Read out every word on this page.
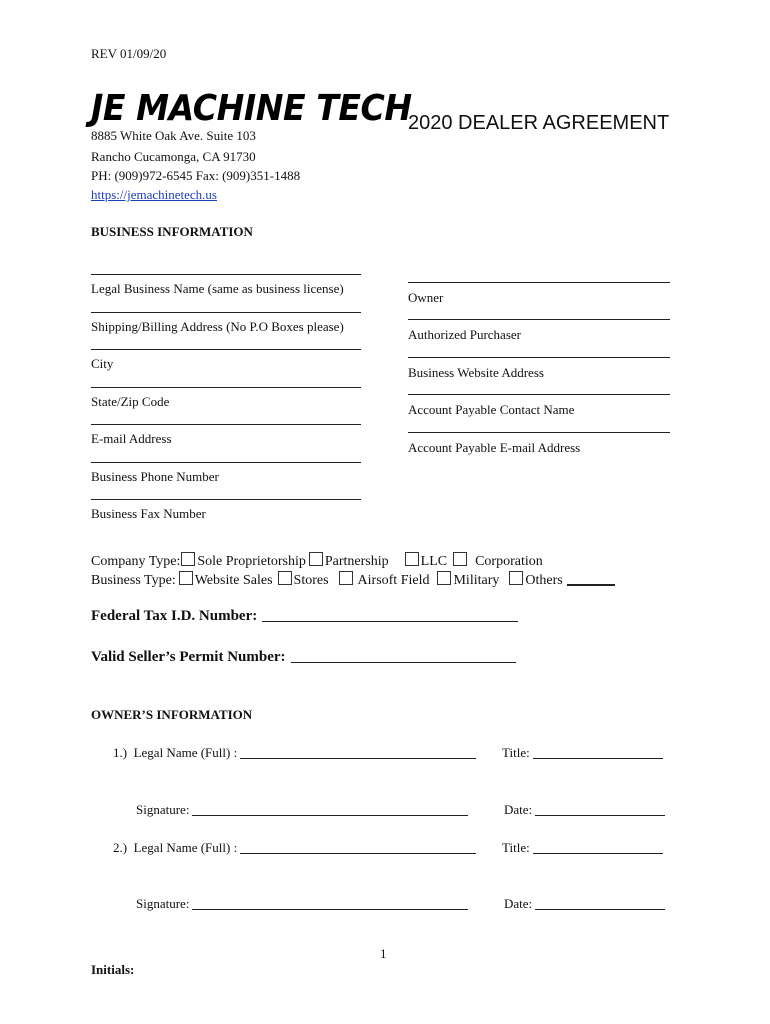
REV 01/09/20
JE MACHINE TECH
2020 DEALER AGREEMENT
8885 White Oak Ave. Suite 103
Rancho Cucamonga, CA 91730
PH: (909)972-6545 Fax: (909)351-1488
https://jemachinetech.us
BUSINESS INFORMATION
Legal Business Name (same as business license)
Shipping/Billing Address (No P.O Boxes please)
City
State/Zip Code
E-mail Address
Business Phone Number
Business Fax Number
Owner
Authorized Purchaser
Business Website Address
Account Payable Contact Name
Account Payable E-mail Address
Company Type: Sole Proprietorship Partnership LLC Corporation
Business Type: Website Sales Stores Airsoft Field Military Others
Federal Tax I.D. Number:
Valid Seller’s Permit Number:
OWNER’S INFORMATION
1.) Legal Name (Full) :	Title:
Signature:	Date:
2.) Legal Name (Full) :	Title:
Signature:	Date:
1
Initials:
